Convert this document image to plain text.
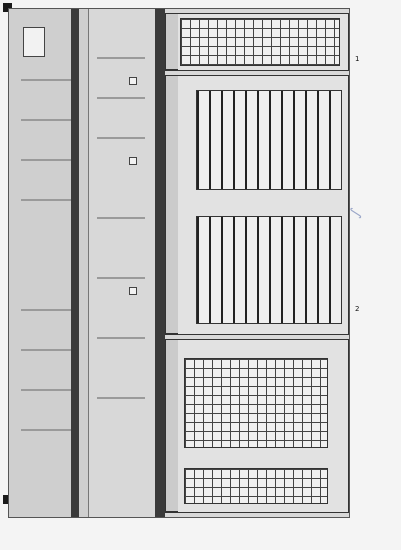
1
2
∫
